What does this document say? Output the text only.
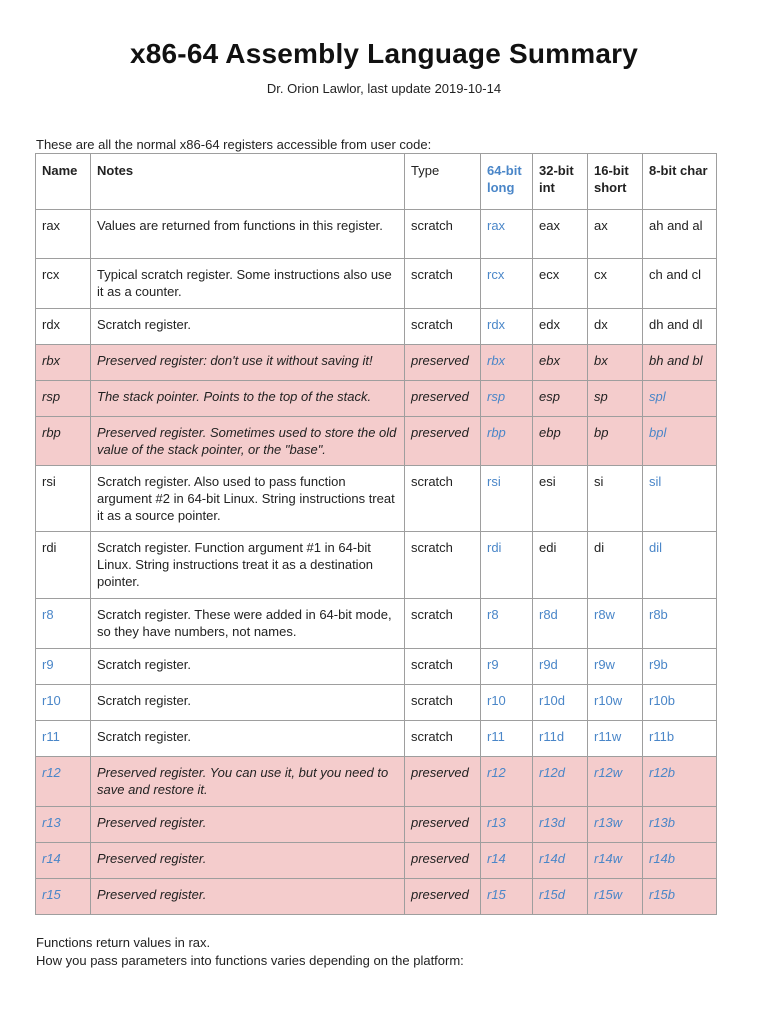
x86-64 Assembly Language Summary
Dr. Orion Lawlor, last update 2019-10-14
These are all the normal x86-64 registers accessible from user code:
Name	Notes	Type	64-bit long	32-bit int	16-bit short	8-bit char
rax	Values are returned from functions in this register.	scratch	rax	eax	ax	ah and al
rcx	Typical scratch register. Some instructions also use it as a counter.	scratch	rcx	ecx	cx	ch and cl
rdx	Scratch register.	scratch	rdx	edx	dx	dh and dl
rbx	Preserved register: don't use it without saving it!	preserved	rbx	ebx	bx	bh and bl
rsp	The stack pointer. Points to the top of the stack.	preserved	rsp	esp	sp	spl
rbp	Preserved register. Sometimes used to store the old value of the stack pointer, or the "base".	preserved	rbp	ebp	bp	bpl
rsi	Scratch register. Also used to pass function argument #2 in 64-bit Linux. String instructions treat it as a source pointer.	scratch	rsi	esi	si	sil
rdi	Scratch register. Function argument #1 in 64-bit Linux. String instructions treat it as a destination pointer.	scratch	rdi	edi	di	dil
r8	Scratch register. These were added in 64-bit mode, so they have numbers, not names.	scratch	r8	r8d	r8w	r8b
r9	Scratch register.	scratch	r9	r9d	r9w	r9b
r10	Scratch register.	scratch	r10	r10d	r10w	r10b
r11	Scratch register.	scratch	r11	r11d	r11w	r11b
r12	Preserved register. You can use it, but you need to save and restore it.	preserved	r12	r12d	r12w	r12b
r13	Preserved register.	preserved	r13	r13d	r13w	r13b
r14	Preserved register.	preserved	r14	r14d	r14w	r14b
r15	Preserved register.	preserved	r15	r15d	r15w	r15b
Functions return values in rax.
How you pass parameters into functions varies depending on the platform:
